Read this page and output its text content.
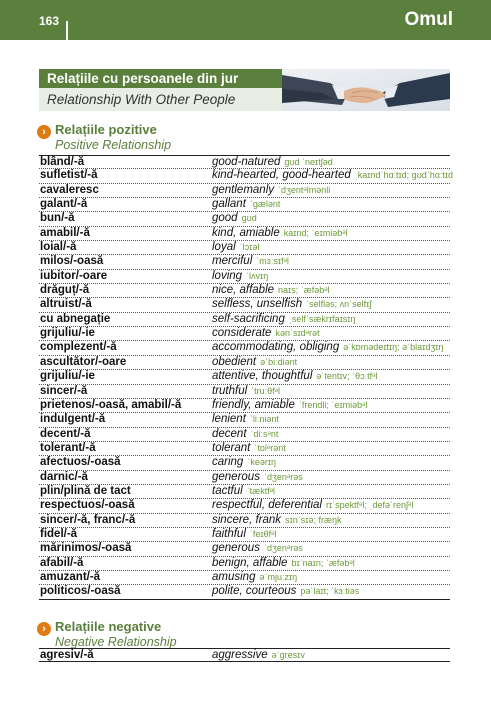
163	Omul
Relațiile cu persoanele din jur
Relationship With Other People
› Relațiile pozitive
Positive Relationship
blând/-ă	good-natured ɡʊd ˈneɪtʃəd
sufletist/-ă	kind-hearted, good-hearted ˌkaɪndˈhɑːtɪd; ɡʊdˈhɑːtɪd
cavaleresc	gentlemanly ˈdʒentᵊlmənli
galant/-ă	gallant ˈɡælənt
bun/-ă	good ɡʊd
amabil/-ă	kind, amiable kaɪnd; ˈeɪmiəbᵊl
loial/-ă	loyal ˈlɔɪəl
milos/-oasă	merciful ˈmɜːsɪfᵊl
iubitor/-oare	loving ˈlʌvɪŋ
drăguț/-ă	nice, affable naɪs; ˈæfəbᵊl
altruist/-ă	selfless, unselfish ˈselfləs; ʌnˈselfɪʃ
cu abnegație	self-sacrificing ˌselfˈsækrɪfaɪsɪŋ
grijuliu/-ie	considerate kənˈsɪdᵊrət
complezent/-ă	accommodating, obliging əˈkɒmədeɪtɪŋ; əˈblaɪdʒɪŋ
ascultător/-oare	obedient əˈbiːdiənt
grijuliu/-ie	attentive, thoughtful əˈtentɪv; ˈθɔːtfᵊl
sincer/-ă	truthful ˈtruːθfᵊl
prietenos/-oasă, amabil/-ă	friendly, amiable ˈfrendli; ˈeɪmiəbᵊl
indulgent/-ă	lenient ˈliːniənt
decent/-ă	decent ˈdiːsᵊnt
tolerant/-ă	tolerant ˈtɒlᵊrənt
afectuos/-oasă	caring ˈkeərɪŋ
darnic/-ă	generous ˈdʒenᵊrəs
plin/plină de tact	tactful ˈtæktfᵊl
respectuos/-oasă	respectful, deferential rɪˈspektfᵊl; ˌdefəˈrenʃᵊl
sincer/-ă, franc/-ă	sincere, frank sɪnˈsɪə; fræŋk
fidel/-ă	faithful ˈfeɪθfᵊl
mărinimos/-oasă	generous ˈdʒenᵊrəs
afabil/-ă	benign, affable bɪˈnaɪn; ˈæfəbᵊl
amuzant/-ă	amusing əˈmjuːzɪŋ
politicos/-oasă	polite, courteous pəˈlaɪt; ˈkɜːtiəs
› Relațiile negative
Negative Relationship
agresiv/-ă	aggressive əˈɡresɪv
